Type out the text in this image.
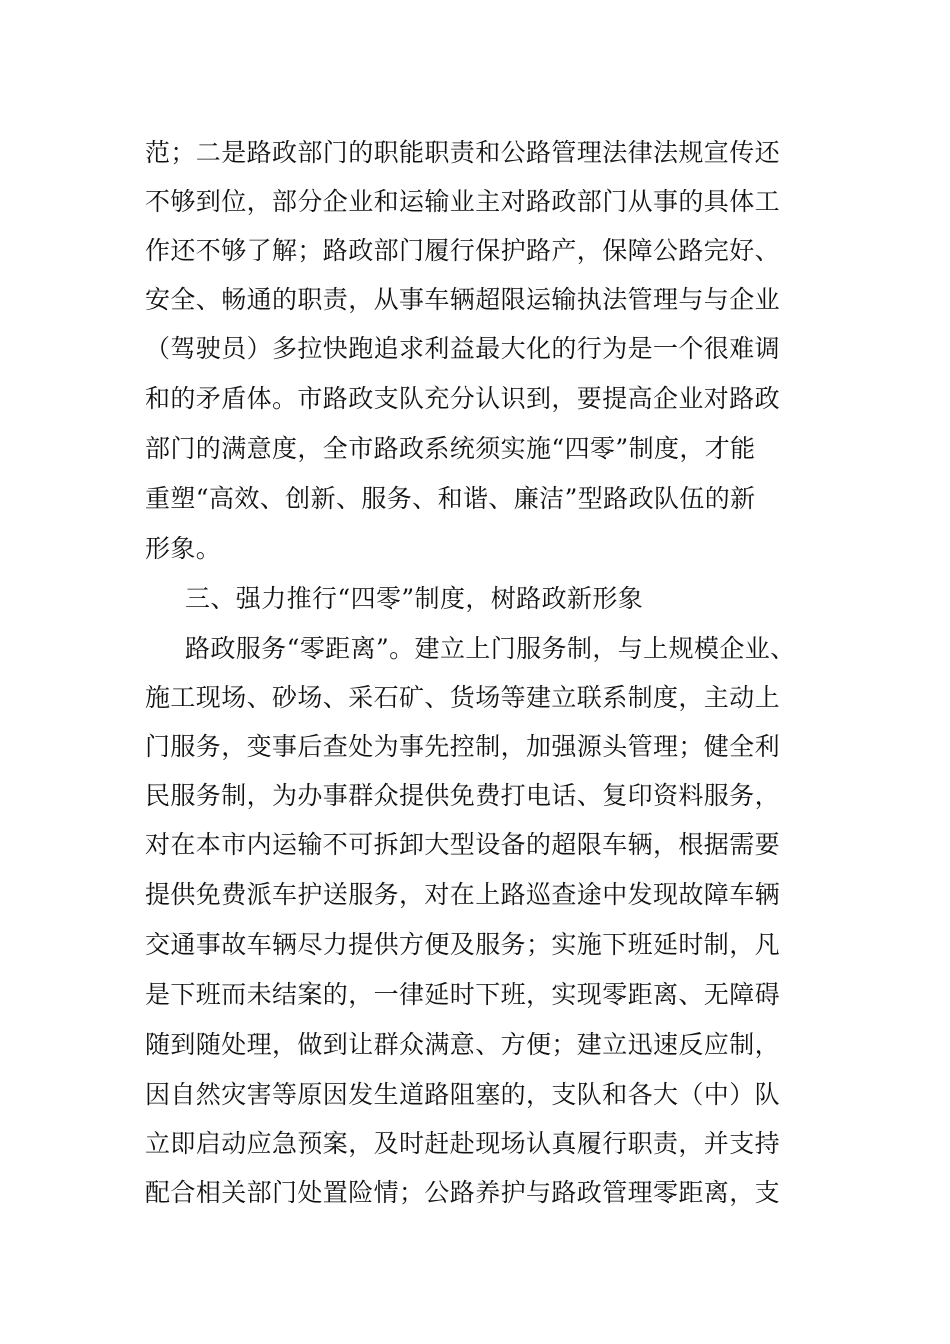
范；二是路政部门的职能职责和公路管理法律法规宣传还
不够到位，部分企业和运输业主对路政部门从事的具体工
作还不够了解；路政部门履行保护路产，保障公路完好、
安全、畅通的职责，从事车辆超限运输执法管理与与企业
（驾驶员）多拉快跑追求利益最大化的行为是一个很难调
和的矛盾体。市路政支队充分认识到，要提高企业对路政
部门的满意度，全市路政系统须实施“四零”制度，才能
重塑“高效、创新、服务、和谐、廉洁”型路政队伍的新
形象。
三、强力推行“四零”制度，树路政新形象
路政服务“零距离”。建立上门服务制，与上规模企业、
施工现场、砂场、采石矿、货场等建立联系制度，主动上
门服务，变事后查处为事先控制，加强源头管理；健全利
民服务制，为办事群众提供免费打电话、复印资料服务，
对在本市内运输不可拆卸大型设备的超限车辆，根据需要
提供免费派车护送服务，对在上路巡查途中发现故障车辆
交通事故车辆尽力提供方便及服务；实施下班延时制，凡
是下班而未结案的，一律延时下班，实现零距离、无障碍
随到随处理，做到让群众满意、方便；建立迅速反应制，
因自然灾害等原因发生道路阻塞的，支队和各大（中）队
立即启动应急预案，及时赶赴现场认真履行职责，并支持
配合相关部门处置险情；公路养护与路政管理零距离，支
